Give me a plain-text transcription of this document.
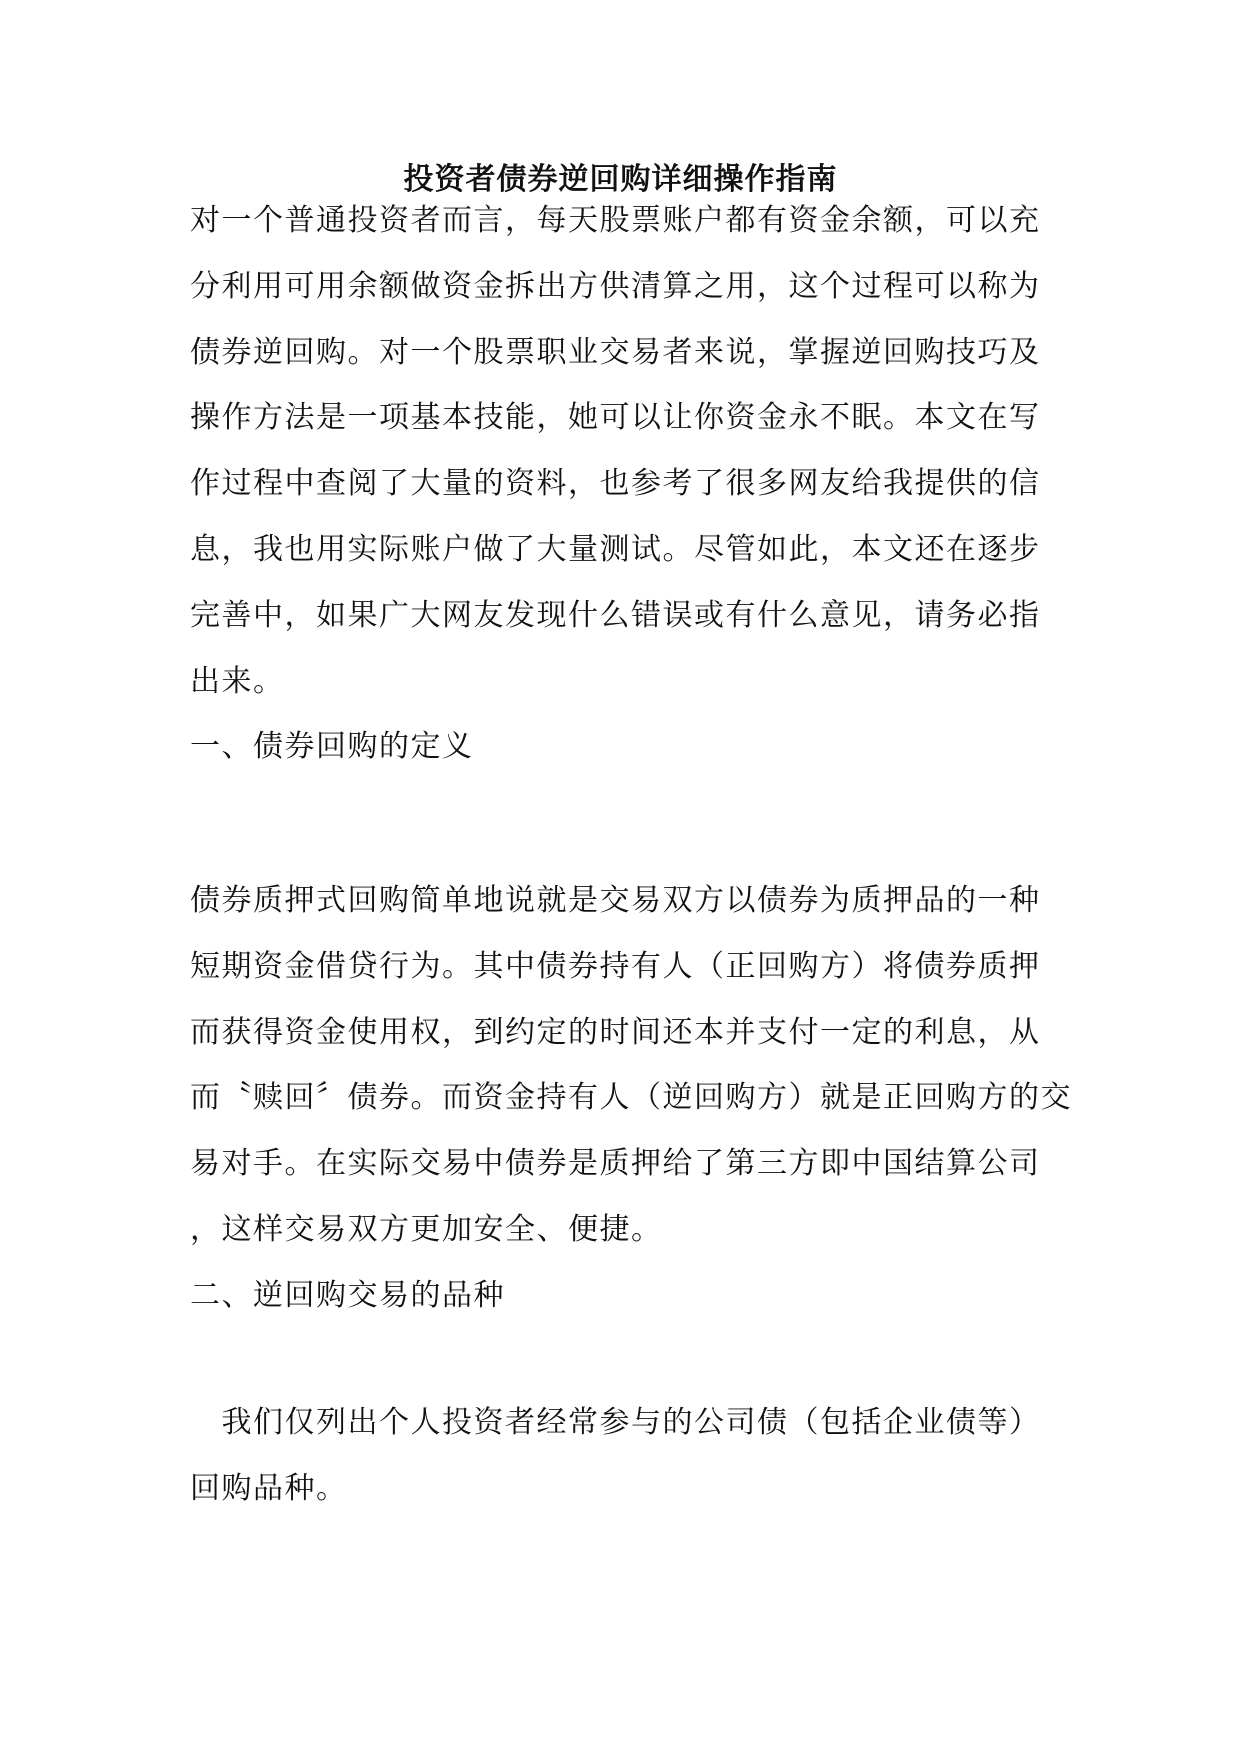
投资者债券逆回购详细操作指南
对一个普通投资者而言，每天股票账户都有资金余额，可以充
分利用可用余额做资金拆出方供清算之用，这个过程可以称为
债券逆回购。对一个股票职业交易者来说，掌握逆回购技巧及
操作方法是一项基本技能，她可以让你资金永不眠。本文在写
作过程中查阅了大量的资料，也参考了很多网友给我提供的信
息，我也用实际账户做了大量测试。尽管如此，本文还在逐步
完善中，如果广大网友发现什么错误或有什么意见，请务必指
出来。
一、债券回购的定义
债券质押式回购简单地说就是交易双方以债券为质押品的一种
短期资金借贷行为。其中债券持有人（正回购方）将债券质押
而获得资金使用权，到约定的时间还本并支付一定的利息，从
而〝赎回〞债券。而资金持有人（逆回购方）就是正回购方的交
易对手。在实际交易中债券是质押给了第三方即中国结算公司
，这样交易双方更加安全、便捷。
二、逆回购交易的品种
　我们仅列出个人投资者经常参与的公司债（包括企业债等）
回购品种。
